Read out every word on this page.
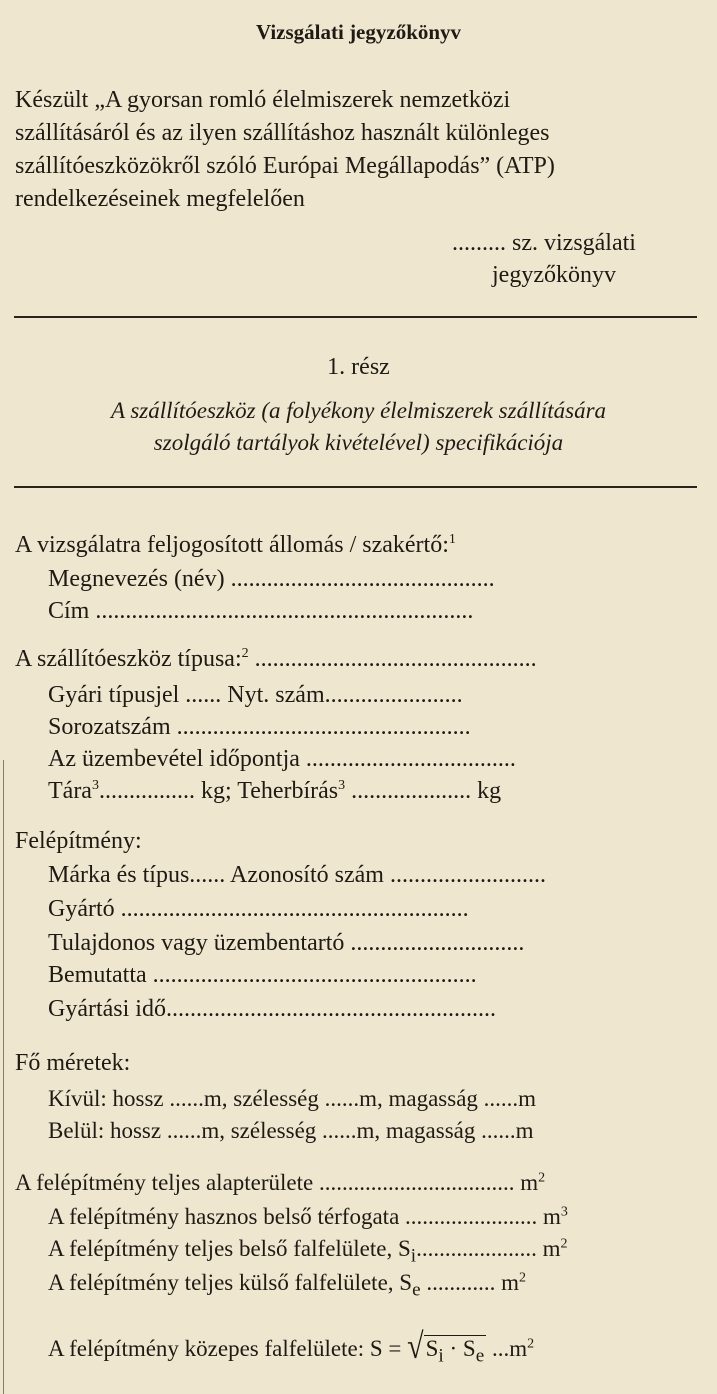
Vizsgálati jegyzőkönyv
Készült „A gyorsan romló élelmiszerek nemzetközi
szállításáról és az ilyen szállításhoz használt különleges
szállítóeszközökről szóló Európai Megállapodás” (ATP)
rendelkezéseinek megfelelően
......... sz. vizsgálati
jegyzőkönyv
1. rész
A szállítóeszköz (a folyékony élelmiszerek szállítására
szolgáló tartályok kivételével) specifikációja
A vizsgálatra feljogosított állomás / szakértő:$^1$
Megnevezés (név) ............................................
Cím ...............................................................
A szállítóeszköz típusa:$^2$ ...............................................
Gyári típusjel ...... Nyt. szám.......................
Sorozatszám .................................................
Az üzembevétel időpontja ...................................
Tára$^3$................ kg; Teherbírás$^3$ .................... kg
Felépítmény:
Márka és típus...... Azonosító szám ..........................
Gyártó ..........................................................
Tulajdonos vagy üzembentartó .............................
Bemutatta ......................................................
Gyártási idő.......................................................
Fő méretek:
Kívül: hossz ......m, szélesség ......m, magasság ......m
Belül: hossz ......m, szélesség ......m, magasság ......m
A felépítmény teljes alapterülete .................................. $m^2$
A felépítmény hasznos belső térfogata ....................... $m^3$
A felépítmény teljes belső falfelülete, $S_i$..................... $m^2$
A felépítmény teljes külső falfelülete, $S_e$ ............ $m^2$
A felépítmény közepes falfelülete: $S = √S_i \cdot S_e$ $...m^2$
